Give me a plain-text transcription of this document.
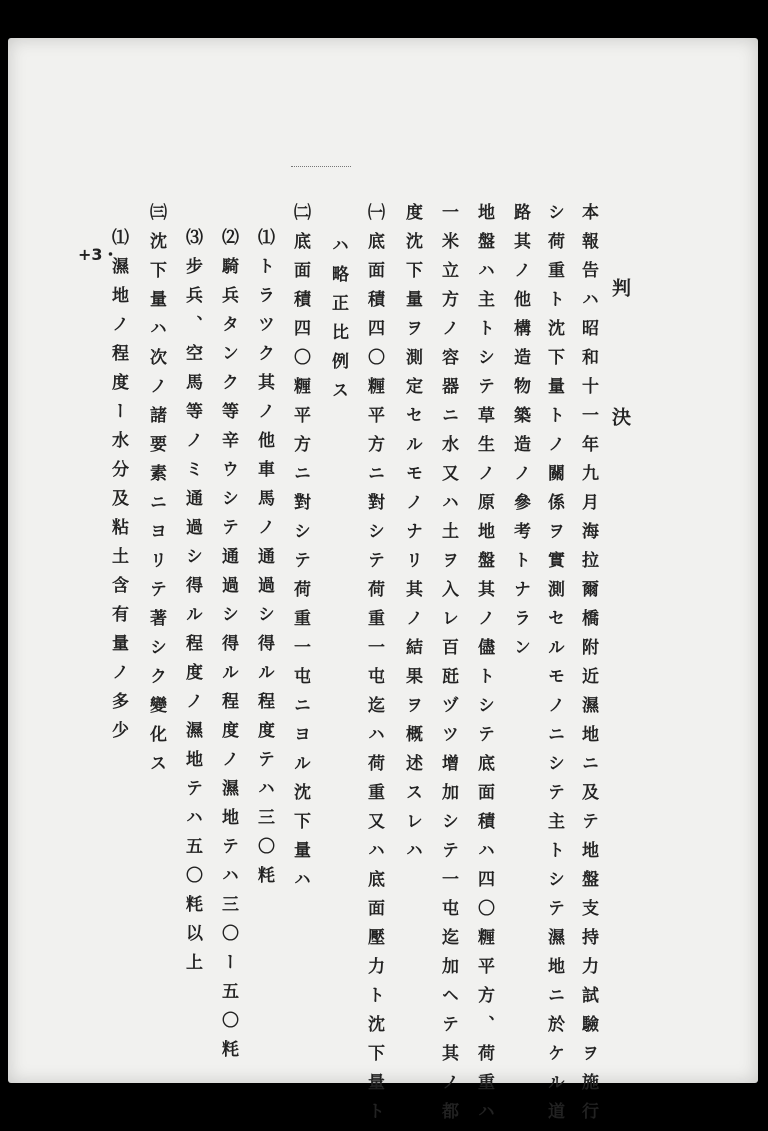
判 決
本報告ハ昭和十一年九月海拉爾橋附近濕地ニ及テ地盤支持力試驗ヲ施行
シ荷重ト沈下量トノ關係ヲ實測セルモノニシテ主トシテ濕地ニ於ケル道
路其ノ他構造物築造ノ參考トナラン
地盤ハ主トシテ草生ノ原地盤其ノ儘トシテ底面積ハ四〇糎平方、荷重ハ
一米立方ノ容器ニ水又ハ土ヲ入レ百瓩ヅツ增加シテ一屯迄加ヘテ其ノ都
度沈下量ヲ測定セルモノナリ其ノ結果ヲ概述スレハ
㈠底面積四〇糎平方ニ對シテ荷重一屯迄ハ荷重又ハ底面壓力ト沈下量ト
ハ略正比例ス
㈡底面積四〇糎平方ニ對シテ荷重一屯ニヨル沈下量ハ
⑴トラツク其ノ他車馬ノ通過シ得ル程度テハ三〇粍
⑵騎兵タンク等辛ウシテ通過シ得ル程度ノ濕地テハ三〇ー五〇粍
⑶步兵、空馬等ノミ通過シ得ル程度ノ濕地テハ五〇粍以上
㈢沈下量ハ次ノ諸要素ニヨリテ著シク變化ス
⑴濕地ノ程度ー水分及粘土含有量ノ多少
+3・
